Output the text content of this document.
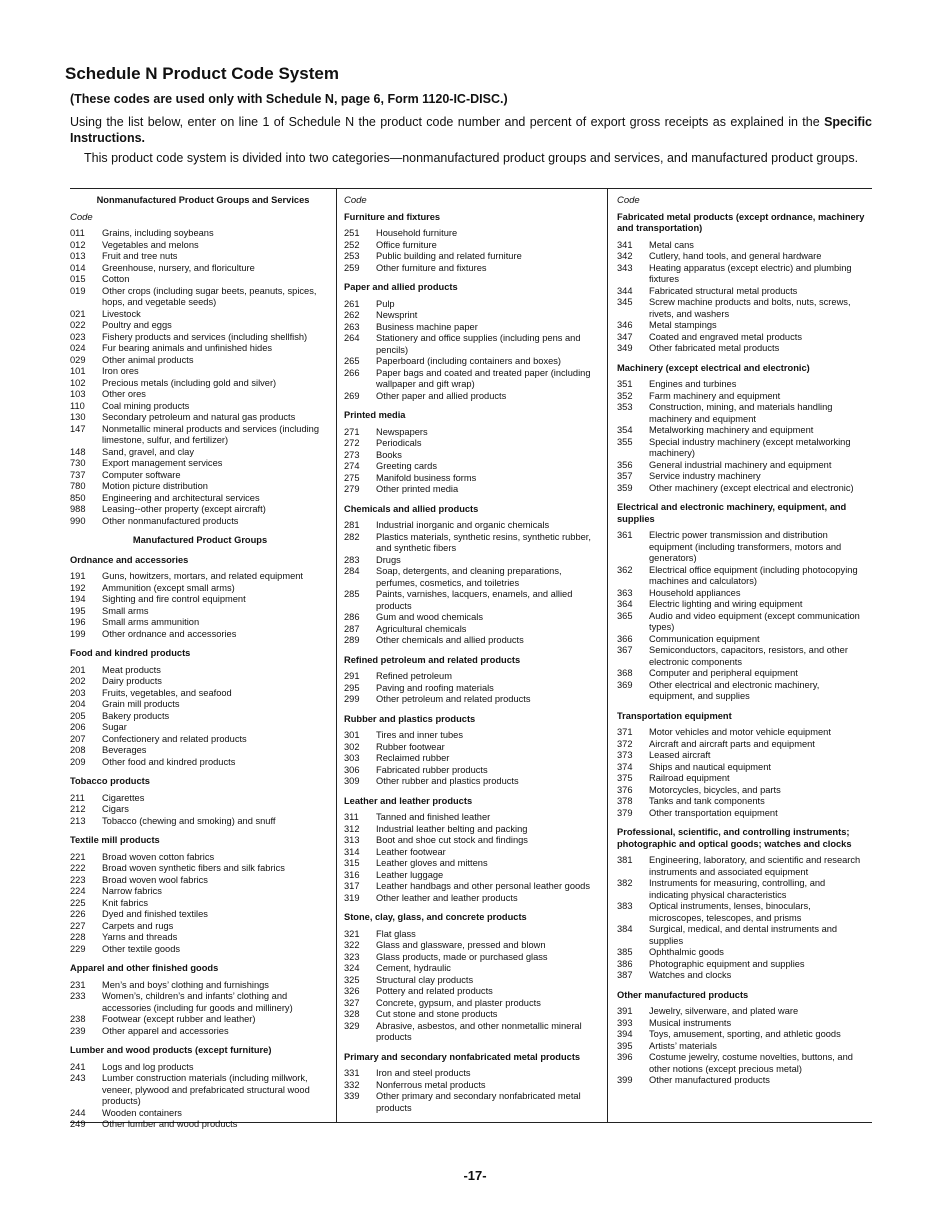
Schedule N Product Code System

(These codes are used only with Schedule N, page 6, Form 1120-IC-DISC.)

Using the list below, enter on line 1 of Schedule N the product code number and percent of export gross receipts as explained in the Specific Instructions.

This product code system is divided into two categories—nonmanufactured product groups and services, and manufactured product groups.

Nonmanufactured Product Groups and Services
Code
011	Grains, including soybeans
012	Vegetables and melons
013	Fruit and tree nuts
014	Greenhouse, nursery, and floriculture
015	Cotton
019	Other crops (including sugar beets, peanuts, spices, hops, and vegetable seeds)
021	Livestock
022	Poultry and eggs
023	Fishery products and services (including shellfish)
024	Fur bearing animals and unfinished hides
029	Other animal products
101	Iron ores
102	Precious metals (including gold and silver)
103	Other ores
110	Coal mining products
130	Secondary petroleum and natural gas products
147	Nonmetallic mineral products and services (including limestone, sulfur, and fertilizer)
148	Sand, gravel, and clay
730	Export management services
737	Computer software
780	Motion picture distribution
850	Engineering and architectural services
988	Leasing--other property (except aircraft)
990	Other nonmanufactured products
Manufactured Product Groups
Ordnance and accessories
191	Guns, howitzers, mortars, and related equipment
192	Ammunition (except small arms)
194	Sighting and fire control equipment
195	Small arms
196	Small arms ammunition
199	Other ordnance and accessories
Food and kindred products
201	Meat products
202	Dairy products
203	Fruits, vegetables, and seafood
204	Grain mill products
205	Bakery products
206	Sugar
207	Confectionery and related products
208	Beverages
209	Other food and kindred products
Tobacco products
211	Cigarettes
212	Cigars
213	Tobacco (chewing and smoking) and snuff
Textile mill products
221	Broad woven cotton fabrics
222	Broad woven synthetic fibers and silk fabrics
223	Broad woven wool fabrics
224	Narrow fabrics
225	Knit fabrics
226	Dyed and finished textiles
227	Carpets and rugs
228	Yarns and threads
229	Other textile goods
Apparel and other finished goods
231	Men’s and boys’ clothing and furnishings
233	Women’s, children’s and infants’ clothing and accessories (including fur goods and millinery)
238	Footwear (except rubber and leather)
239	Other apparel and accessories
Lumber and wood products (except furniture)
241	Logs and log products
243	Lumber construction materials (including millwork, veneer, plywood and prefabricated structural wood products)
244	Wooden containers
249	Other lumber and wood products
Code
Furniture and fixtures
251	Household furniture
252	Office furniture
253	Public building and related furniture
259	Other furniture and fixtures
Paper and allied products
261	Pulp
262	Newsprint
263	Business machine paper
264	Stationery and office supplies (including pens and pencils)
265	Paperboard (including containers and boxes)
266	Paper bags and coated and treated paper (including wallpaper and gift wrap)
269	Other paper and allied products
Printed media
271	Newspapers
272	Periodicals
273	Books
274	Greeting cards
275	Manifold business forms
279	Other printed media
Chemicals and allied products
281	Industrial inorganic and organic chemicals
282	Plastics materials, synthetic resins, synthetic rubber, and synthetic fibers
283	Drugs
284	Soap, detergents, and cleaning preparations, perfumes, cosmetics, and toiletries
285	Paints, varnishes, lacquers, enamels, and allied products
286	Gum and wood chemicals
287	Agricultural chemicals
289	Other chemicals and allied products
Refined petroleum and related products
291	Refined petroleum
295	Paving and roofing materials
299	Other petroleum and related products
Rubber and plastics products
301	Tires and inner tubes
302	Rubber footwear
303	Reclaimed rubber
306	Fabricated rubber products
309	Other rubber and plastics products
Leather and leather products
311	Tanned and finished leather
312	Industrial leather belting and packing
313	Boot and shoe cut stock and findings
314	Leather footwear
315	Leather gloves and mittens
316	Leather luggage
317	Leather handbags and other personal leather goods
319	Other leather and leather products
Stone, clay, glass, and concrete products
321	Flat glass
322	Glass and glassware, pressed and blown
323	Glass products, made or purchased glass
324	Cement, hydraulic
325	Structural clay products
326	Pottery and related products
327	Concrete, gypsum, and plaster products
328	Cut stone and stone products
329	Abrasive, asbestos, and other nonmetallic mineral products
Primary and secondary nonfabricated metal products
331	Iron and steel products
332	Nonferrous metal products
339	Other primary and secondary nonfabricated metal products
Code
Fabricated metal products (except ordnance, machinery and transportation)
341	Metal cans
342	Cutlery, hand tools, and general hardware
343	Heating apparatus (except electric) and plumbing fixtures
344	Fabricated structural metal products
345	Screw machine products and bolts, nuts, screws, rivets, and washers
346	Metal stampings
347	Coated and engraved metal products
349	Other fabricated metal products
Machinery (except electrical and electronic)
351	Engines and turbines
352	Farm machinery and equipment
353	Construction, mining, and materials handling machinery and equipment
354	Metalworking machinery and equipment
355	Special industry machinery (except metalworking machinery)
356	General industrial machinery and equipment
357	Service industry machinery
359	Other machinery (except electrical and electronic)
Electrical and electronic machinery, equipment, and supplies
361	Electric power transmission and distribution equipment (including transformers, motors and generators)
362	Electrical office equipment (including photocopying machines and calculators)
363	Household appliances
364	Electric lighting and wiring equipment
365	Audio and video equipment (except communication types)
366	Communication equipment
367	Semiconductors, capacitors, resistors, and other electronic components
368	Computer and peripheral equipment
369	Other electrical and electronic machinery, equipment, and supplies
Transportation equipment
371	Motor vehicles and motor vehicle equipment
372	Aircraft and aircraft parts and equipment
373	Leased aircraft
374	Ships and nautical equipment
375	Railroad equipment
376	Motorcycles, bicycles, and parts
378	Tanks and tank components
379	Other transportation equipment
Professional, scientific, and controlling instruments; photographic and optical goods; watches and clocks
381	Engineering, laboratory, and scientific and research instruments and associated equipment
382	Instruments for measuring, controlling, and indicating physical characteristics
383	Optical instruments, lenses, binoculars, microscopes, telescopes, and prisms
384	Surgical, medical, and dental instruments and supplies
385	Ophthalmic goods
386	Photographic equipment and supplies
387	Watches and clocks
Other manufactured products
391	Jewelry, silverware, and plated ware
393	Musical instruments
394	Toys, amusement, sporting, and athletic goods
395	Artists’ materials
396	Costume jewelry, costume novelties, buttons, and other notions (except precious metal)
399	Other manufactured products

-17-
